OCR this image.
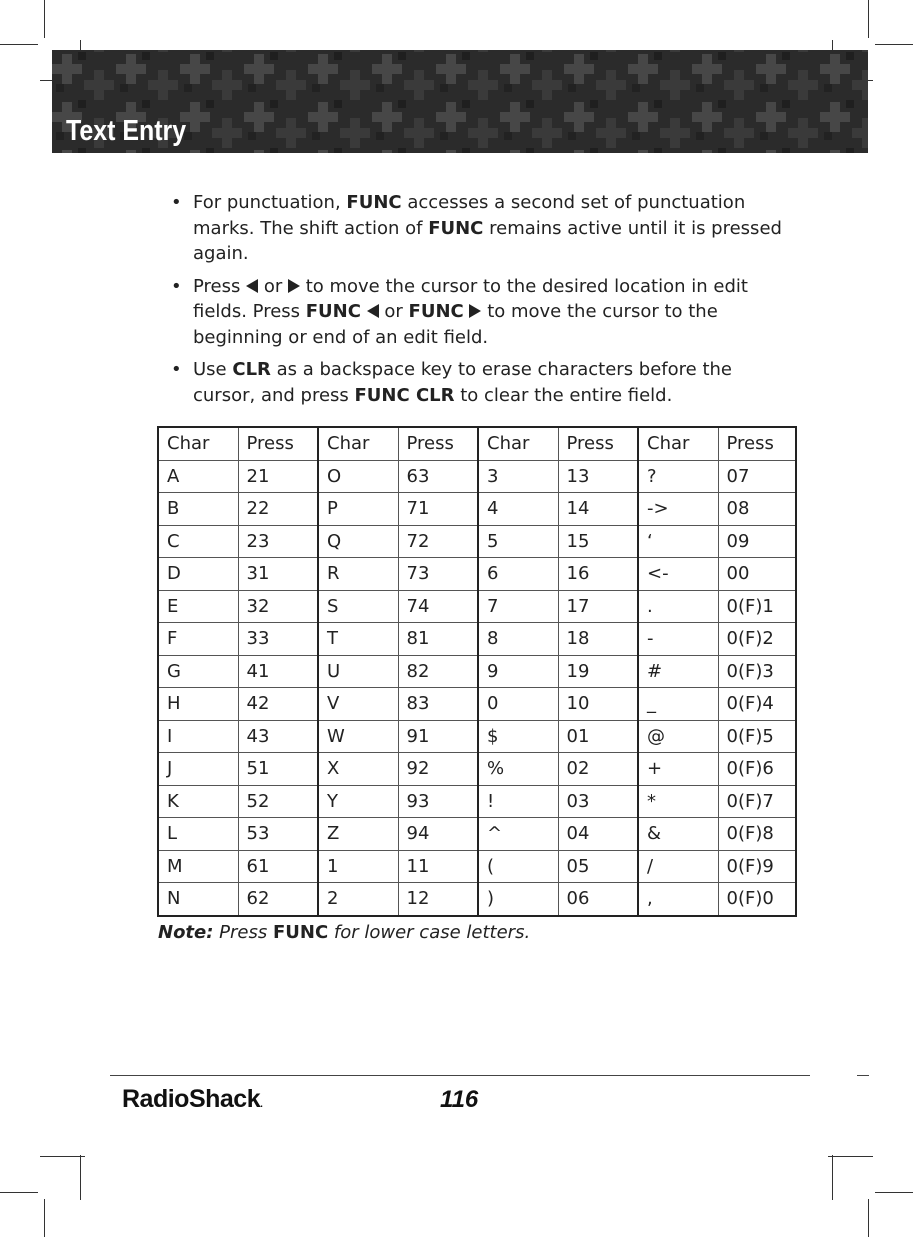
Text Entry
• For punctuation, FUNC accesses a second set of punctuation marks. The shift action of FUNC remains active until it is pressed again.
• Press  or  to move the cursor to the desired location in edit fields. Press FUNC  or FUNC  to move the cursor to the beginning or end of an edit field.
• Use CLR as a backspace key to erase characters before the cursor, and press FUNC CLR to clear the entire field.
Char	Press	Char	Press	Char	Press	Char	Press
A	21	O	63	3	13	?	07
B	22	P	71	4	14	->	08
C	23	Q	72	5	15	‘	09
D	31	R	73	6	16	<-	00
E	32	S	74	7	17	.	0(F)1
F	33	T	81	8	18	-	0(F)2
G	41	U	82	9	19	#	0(F)3
H	42	V	83	0	10	_	0(F)4
I	43	W	91	$	01	@	0(F)5
J	51	X	92	%	02	+	0(F)6
K	52	Y	93	!	03	*	0(F)7
L	53	Z	94	^	04	&	0(F)8
M	61	1	11	(	05	/	0(F)9
N	62	2	12	)	06	,	0(F)0
Note: Press FUNC for lower case letters.
RadioShack.	116
